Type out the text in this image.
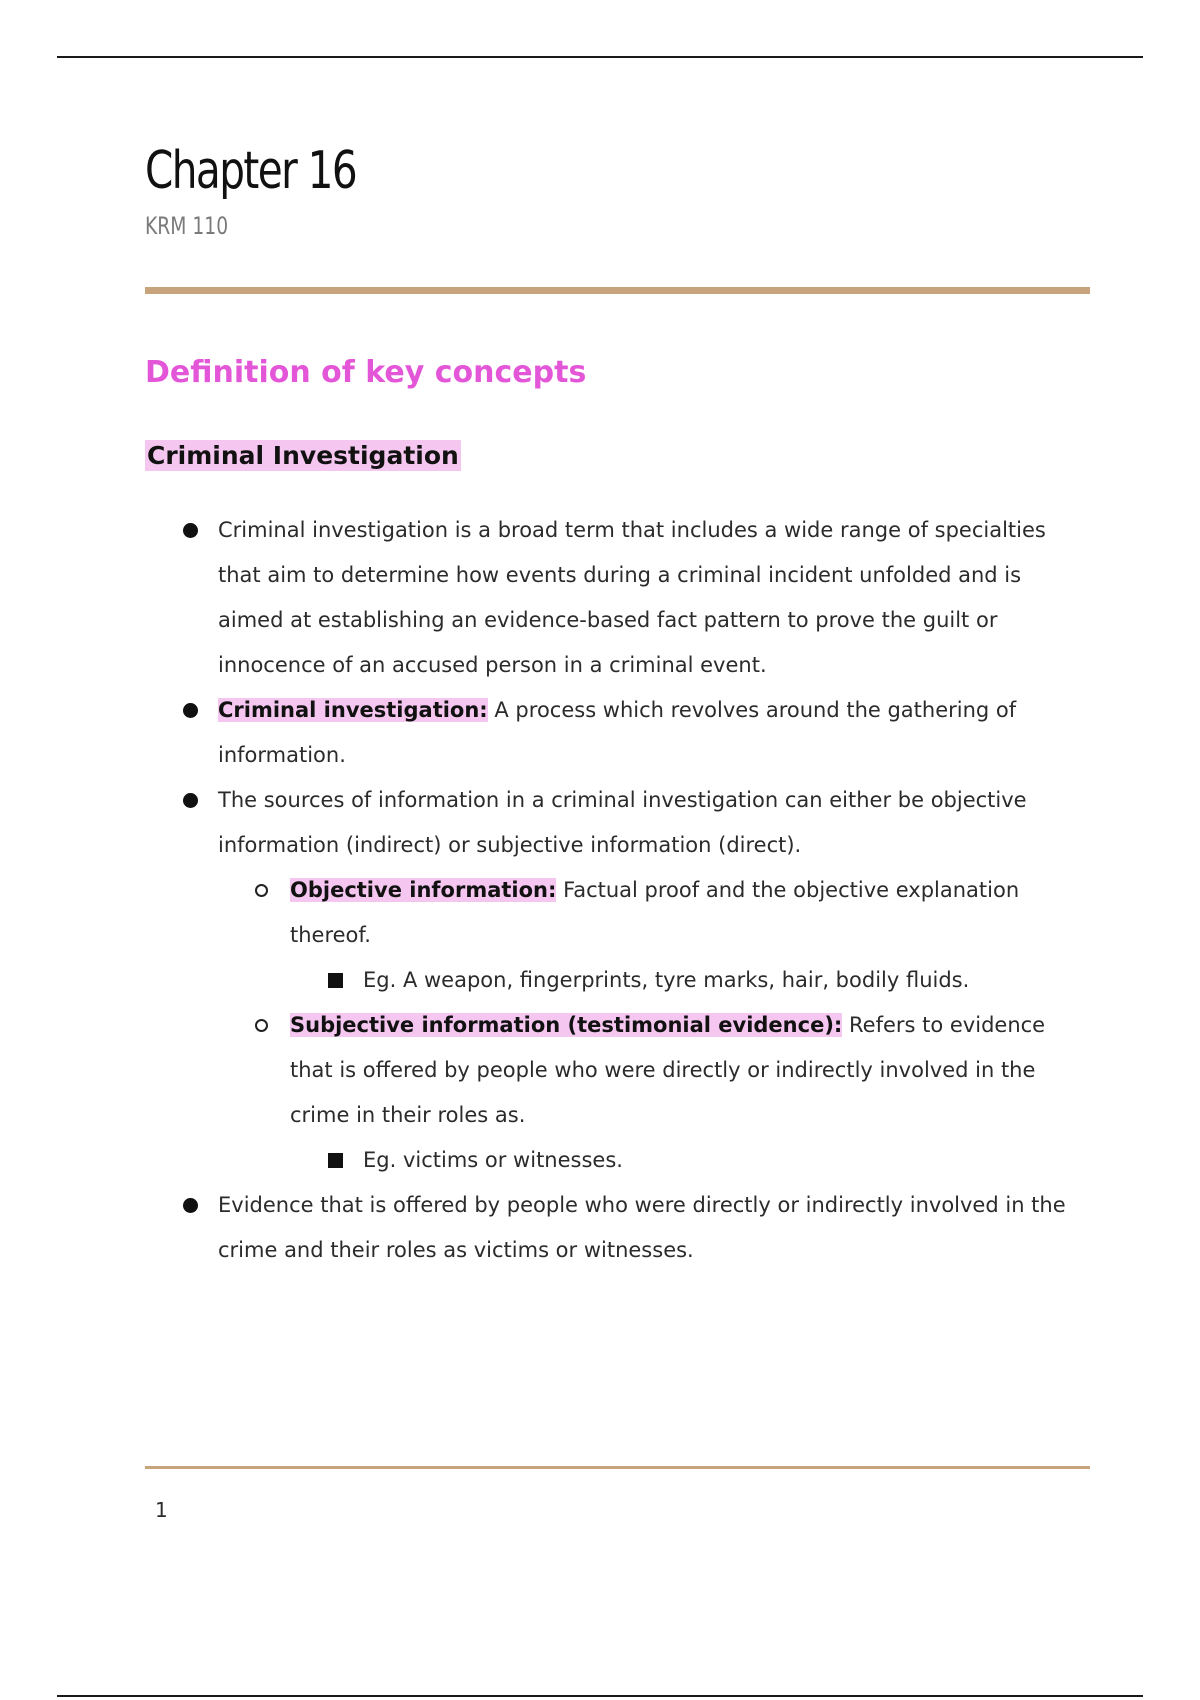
Chapter 16
KRM 110
Definition of key concepts
Criminal Investigation
Criminal investigation is a broad term that includes a wide range of specialties that aim to determine how events during a criminal incident unfolded and is aimed at establishing an evidence-based fact pattern to prove the guilt or innocence of an accused person in a criminal event.
Criminal investigation: A process which revolves around the gathering of information.
The sources of information in a criminal investigation can either be objective information (indirect) or subjective information (direct).
Objective information: Factual proof and the objective explanation thereof.
Eg. A weapon, fingerprints, tyre marks, hair, bodily fluids.
Subjective information (testimonial evidence): Refers to evidence that is offered by people who were directly or indirectly involved in the crime in their roles as.
Eg. victims or witnesses.
Evidence that is offered by people who were directly or indirectly involved in the crime and their roles as victims or witnesses.
1
